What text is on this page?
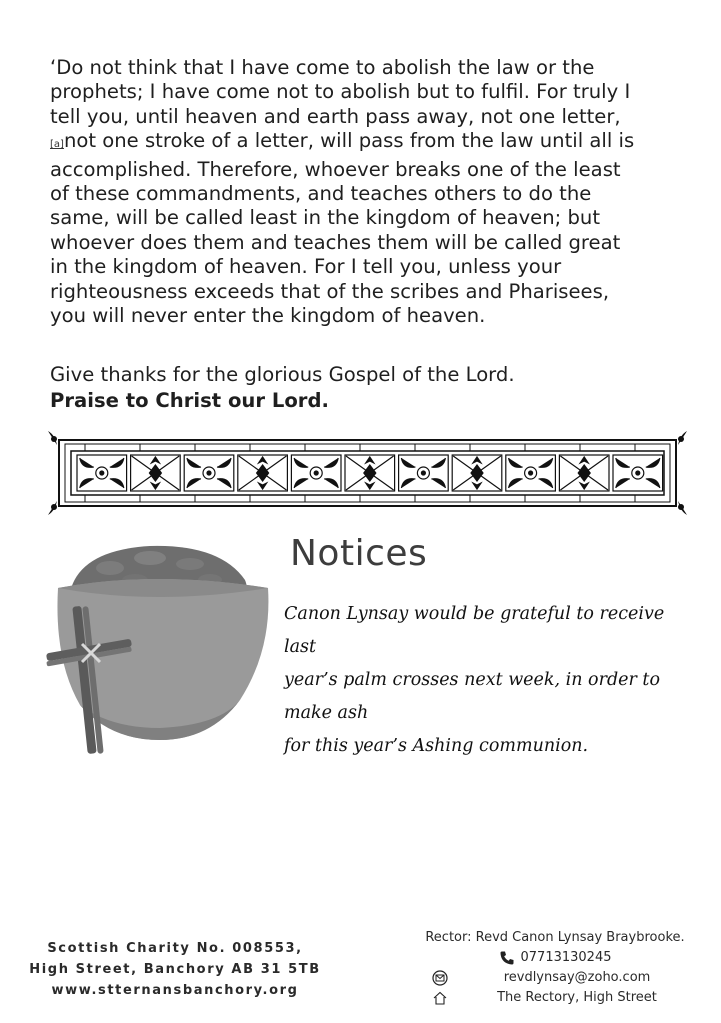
‘Do not think that I have come to abolish the law or the
prophets; I have come not to abolish but to fulfil. For truly I
tell you, until heaven and earth pass away, not one letter,
[a]not one stroke of a letter, will pass from the law until all is
accomplished. Therefore, whoever breaks one of the least
of these commandments, and teaches others to do the
same, will be called least in the kingdom of heaven; but
whoever does them and teaches them will be called great
in the kingdom of heaven. For I tell you, unless your
righteousness exceeds that of the scribes and Pharisees,
you will never enter the kingdom of heaven.
Give thanks for the glorious Gospel of the Lord.
Praise to Christ our Lord.
Notices
Canon Lynsay would be grateful to receive last
year’s palm crosses next week, in order to make ash
for this year’s Ashing communion.
Scottish Charity No. 008553,
High Street, Banchory AB 31 5TB
www.stternansbanchory.org
Rector: Revd Canon Lynsay Braybrooke.
07713130245
revdlynsay@zoho.com
The Rectory, High Street
